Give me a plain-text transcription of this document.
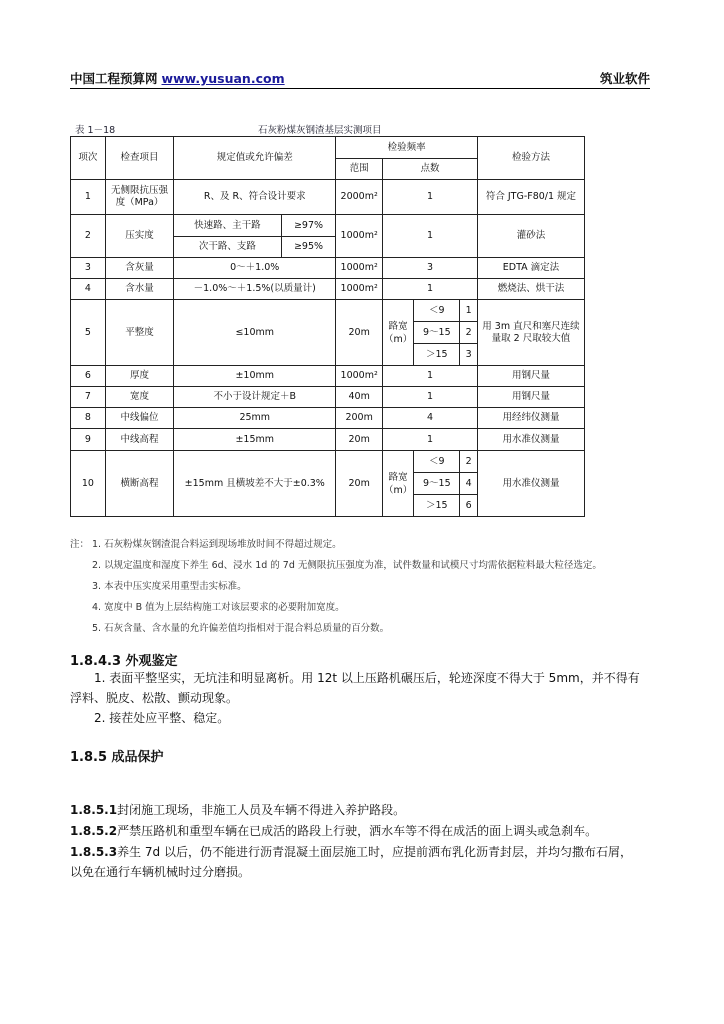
中国工程预算网 www.yusuan.com	筑业软件
表 1－18	石灰粉煤灰钢渣基层实测项目
项次	检查项目	规定值或允许偏差		检验频率				检验方法
				范围	点数			
1	无侧限抗压强度（MPa）	R、及 R、符合设计要求		2000m²	1			符合 JTG-F80/1 规定
2	压实度	快速路、主干路	≥97%	1000m²	1			灌砂法
		次干路、支路	≥95%					
3	含灰量	0～＋1.0%		1000m²	3			EDTA 滴定法
4	含水量	－1.0%～＋1.5%(以质量计)		1000m²	1			燃烧法、烘干法
5	平整度	≤10mm		20m	路宽（m）	＜9	1	用 3m 直尺和塞尺连续量取 2 尺取较大值
						9～15	2	
						＞15	3	
6	厚度	±10mm		1000m²	1			用钢尺量
7	宽度	不小于设计规定＋B		40m	1			用钢尺量
8	中线偏位	25mm		200m	4			用经纬仪测量
9	中线高程	±15mm		20m	1			用水准仪测量
10	横断高程	±15mm 且横坡差不大于±0.3%		20m	路宽（m）	＜9	2	用水准仪测量
						9～15	4	
						＞15	6	
注： 1. 石灰粉煤灰钢渣混合料运到现场堆放时间不得超过规定。
2. 以规定温度和湿度下养生 6d、浸水 1d 的 7d 无侧限抗压强度为准，试件数量和试模尺寸均需依据粒料最大粒径选定。
3. 本表中压实度采用重型击实标准。
4. 宽度中 B 值为上层结构施工对该层要求的必要附加宽度。
5. 石灰含量、含水量的允许偏差值均指相对于混合料总质量的百分数。
1.8.4.3 外观鉴定
1. 表面平整坚实，无坑洼和明显离析。用 12t 以上压路机碾压后，轮迹深度不得大于 5mm，并不得有
浮料、脱皮、松散、颤动现象。
2. 接茬处应平整、稳定。
1.8.5 成品保护
1.8.5.1封闭施工现场，非施工人员及车辆不得进入养护路段。
1.8.5.2严禁压路机和重型车辆在已成活的路段上行驶，洒水车等不得在成活的面上调头或急刹车。
1.8.5.3养生 7d 以后，仍不能进行沥青混凝土面层施工时，应提前洒布乳化沥青封层，并均匀撒布石屑，
以免在通行车辆机械时过分磨损。
